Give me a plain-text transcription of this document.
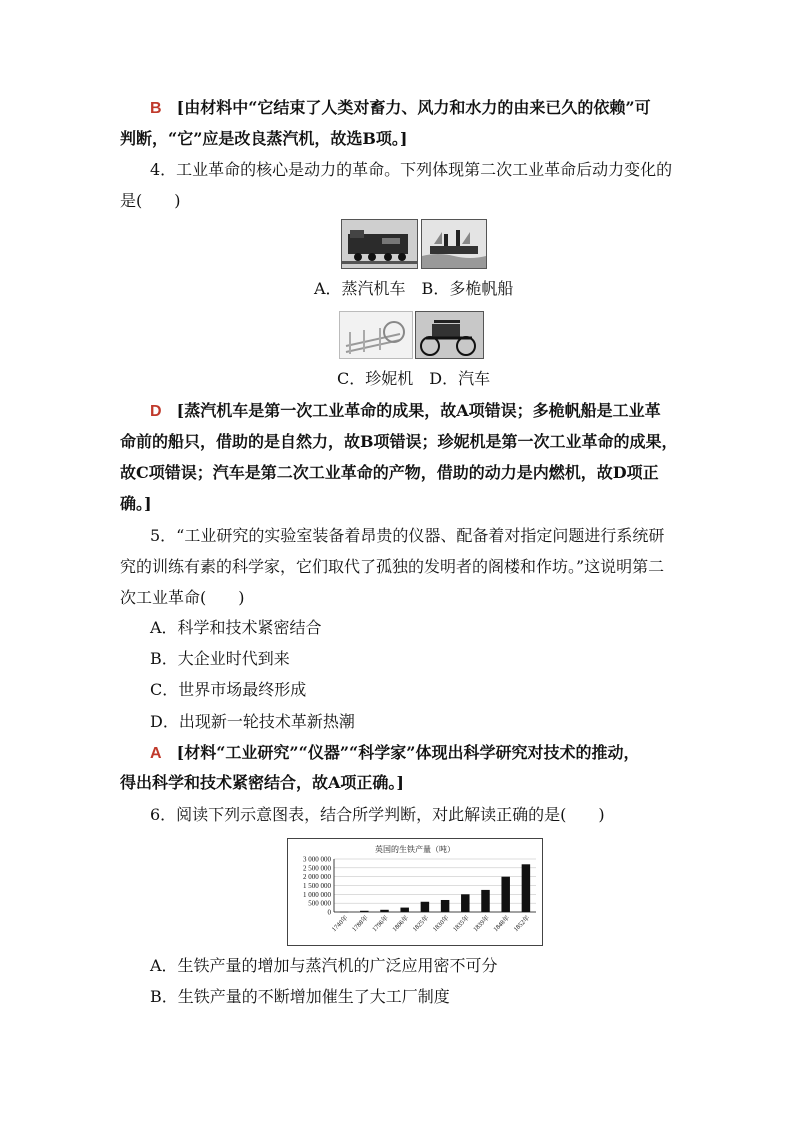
B [由材料中“它结束了人类对畜力、风力和水力的由来已久的依赖”可
判断，“它”应是改良蒸汽机，故选B项。]
4．工业革命的核心是动力的革命。下列体现第二次工业革命后动力变化的
是(　　)
A．蒸汽机车　B．多桅帆船
C．珍妮机　D．汽车
D [蒸汽机车是第一次工业革命的成果，故A项错误；多桅帆船是工业革
命前的船只，借助的是自然力，故B项错误；珍妮机是第一次工业革命的成果，
故C项错误；汽车是第二次工业革命的产物，借助的动力是内燃机，故D项正
确。]
5．“工业研究的实验室装备着昂贵的仪器、配备着对指定问题进行系统研
究的训练有素的科学家，它们取代了孤独的发明者的阁楼和作坊。”这说明第二
次工业革命(　　)
A．科学和技术紧密结合
B．大企业时代到来
C．世界市场最终形成
D．出现新一轮技术革新热潮
A [材料“工业研究”“仪器”“科学家”体现出科学研究对技术的推动，
得出科学和技术紧密结合，故A项正确。]
6．阅读下列示意图表，结合所学判断，对此解读正确的是(　　)
英国的生铁产量（吨）
3 000 000
2 500 000
2 000 000
1 500 000
1 000 000
500 000
0
1740年 1788年 1796年 1806年 1825年 1830年 1835年 1839年 1848年 1852年
A．生铁产量的增加与蒸汽机的广泛应用密不可分
B．生铁产量的不断增加催生了大工厂制度
